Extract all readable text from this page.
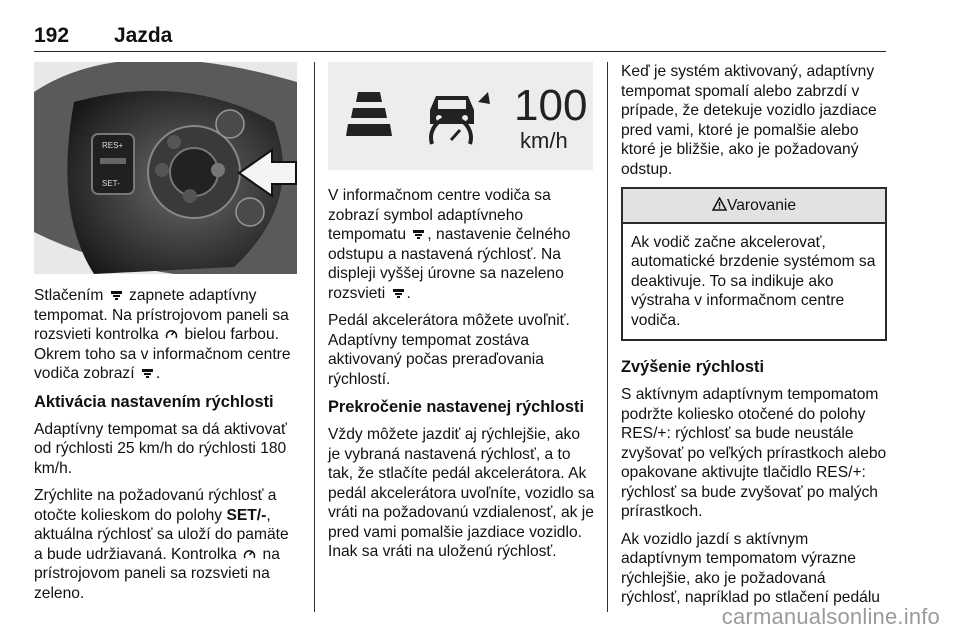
192 Jazda
RES+
SET-

Stlačením zapnete adaptívny tempomat. Na prístrojovom paneli sa rozsvieti kontrolka bielou farbou. Okrem toho sa v informačnom centre vodiča zobrazí .

Aktivácia nastavením rýchlosti

Adaptívny tempomat sa dá aktivovať od rýchlosti 25 km/h do rýchlosti 180 km/h.

Zrýchlite na požadovanú rýchlosť a otočte kolieskom do polohy SET/-, aktuálna rýchlosť sa uloží do pamäte a bude udržiavaná. Kontrolka na prístrojovom paneli sa rozsvieti na zeleno.

100
km/h

V informačnom centre vodiča sa zobrazí symbol adaptívneho tempomatu , nastavenie čelného odstupu a nastavená rýchlosť. Na displeji vyššej úrovne sa nazeleno rozsvieti .

Pedál akcelerátora môžete uvoľniť. Adaptívny tempomat zostáva aktivovaný počas preraďovania rýchlostí.

Prekročenie nastavenej rýchlosti

Vždy môžete jazdiť aj rýchlejšie, ako je vybraná nastavená rýchlosť, a to tak, že stlačíte pedál akcelerátora. Ak pedál akcelerátora uvoľníte, vozidlo sa vráti na požadovanú vzdialenosť, ak je pred vami pomalšie jazdiace vozidlo. Inak sa vráti na uloženú rýchlosť.

Keď je systém aktivovaný, adaptívny tempomat spomalí alebo zabrzdí v prípade, že detekuje vozidlo jazdiace pred vami, ktoré je pomalšie alebo ktoré je bližšie, ako je požadovaný odstup.

Varovanie
Ak vodič začne akcelerovať, automatické brzdenie systémom sa deaktivuje. To sa indikuje ako výstraha v informačnom centre vodiča.
Zvýšenie rýchlosti

S aktívnym adaptívnym tempomatom podržte koliesko otočené do polohy RES/+: rýchlosť sa bude neustále zvyšovať po veľkých prírastkoch alebo opakovane aktivujte tlačidlo RES/+: rýchlosť sa bude zvyšovať po malých prírastkoch.

Ak vozidlo jazdí s aktívnym adaptívnym tempomatom výrazne rýchlejšie, ako je požadovaná rýchlosť, napríklad po stlačení pedálu

carmanualsonline.info
